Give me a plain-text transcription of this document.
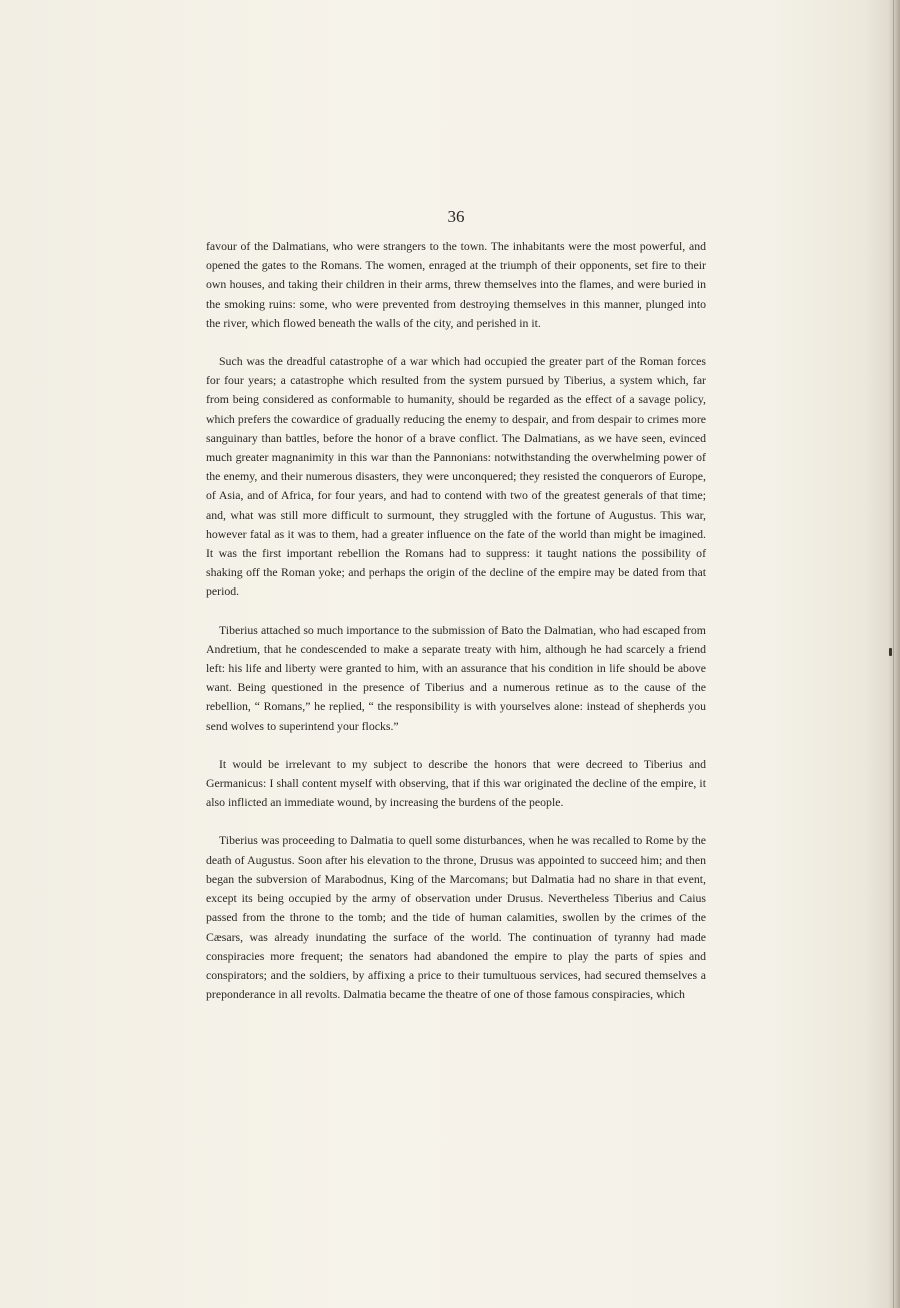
36

favour of the Dalmatians, who were strangers to the town. The inhabitants were the most powerful, and opened the gates to the Romans. The women, enraged at the triumph of their opponents, set fire to their own houses, and taking their children in their arms, threw themselves into the flames, and were buried in the smoking ruins: some, who were prevented from destroying themselves in this manner, plunged into the river, which flowed beneath the walls of the city, and perished in it.

Such was the dreadful catastrophe of a war which had occupied the greater part of the Roman forces for four years; a catastrophe which resulted from the system pursued by Tiberius, a system which, far from being considered as conformable to humanity, should be regarded as the effect of a savage policy, which prefers the cowardice of gradually reducing the enemy to despair, and from despair to crimes more sanguinary than battles, before the honor of a brave conflict. The Dalmatians, as we have seen, evinced much greater magnanimity in this war than the Pannonians: notwithstanding the overwhelming power of the enemy, and their numerous disasters, they were unconquered; they resisted the conquerors of Europe, of Asia, and of Africa, for four years, and had to contend with two of the greatest generals of that time; and, what was still more difficult to surmount, they struggled with the fortune of Augustus. This war, however fatal as it was to them, had a greater influence on the fate of the world than might be imagined. It was the first important rebellion the Romans had to suppress: it taught nations the possibility of shaking off the Roman yoke; and perhaps the origin of the decline of the empire may be dated from that period.

Tiberius attached so much importance to the submission of Bato the Dalmatian, who had escaped from Andretium, that he condescended to make a separate treaty with him, although he had scarcely a friend left: his life and liberty were granted to him, with an assurance that his condition in life should be above want. Being questioned in the presence of Tiberius and a numerous retinue as to the cause of the rebellion, “ Romans,” he replied, “ the responsibility is with yourselves alone: instead of shepherds you send wolves to superintend your flocks.”

It would be irrelevant to my subject to describe the honors that were decreed to Tiberius and Germanicus: I shall content myself with observing, that if this war originated the decline of the empire, it also inflicted an immediate wound, by increasing the burdens of the people.

Tiberius was proceeding to Dalmatia to quell some disturbances, when he was recalled to Rome by the death of Augustus. Soon after his elevation to the throne, Drusus was appointed to succeed him; and then began the subversion of Marabodnus, King of the Marcomans; but Dalmatia had no share in that event, except its being occupied by the army of observation under Drusus. Nevertheless Tiberius and Caius passed from the throne to the tomb; and the tide of human calamities, swollen by the crimes of the Cæsars, was already inundating the surface of the world. The continuation of tyranny had made conspiracies more frequent; the senators had abandoned the empire to play the parts of spies and conspirators; and the soldiers, by affixing a price to their tumultuous services, had secured themselves a preponderance in all revolts. Dalmatia became the theatre of one of those famous conspiracies, which
